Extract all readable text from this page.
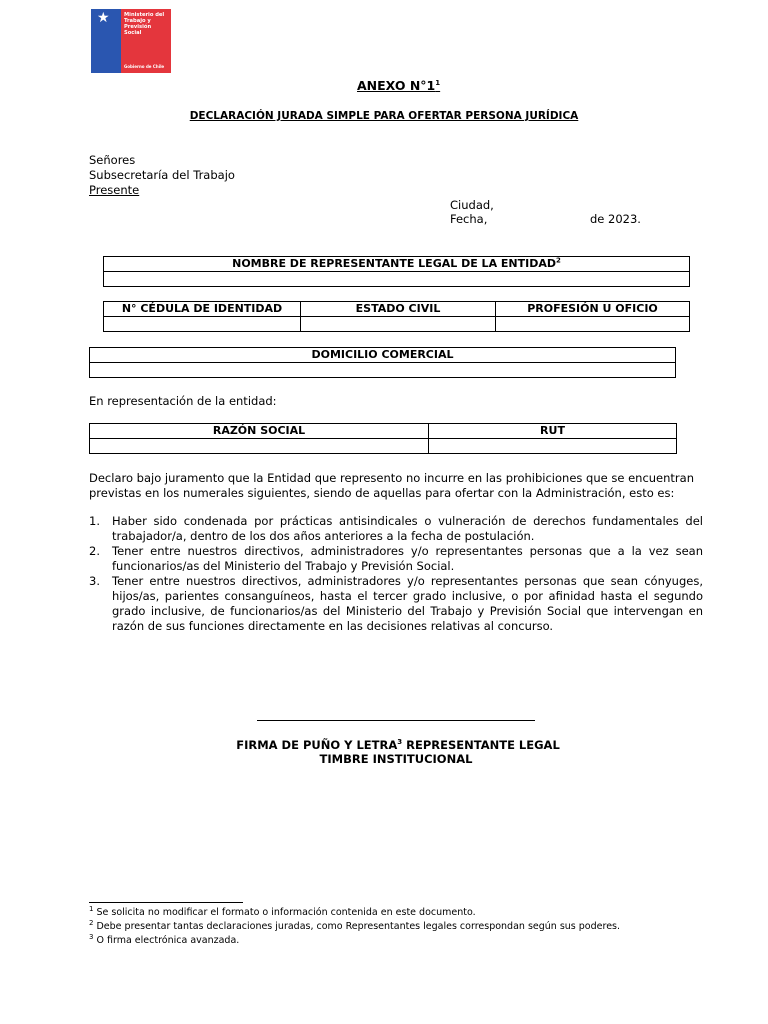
★	Ministerio del Trabajo y Previsión Social
Gobierno de Chile
ANEXO $N^\circ 1^1$
DECLARACIÓN JURADA SIMPLE PARA OFERTAR PERSONA JURÍDICA
Señores
Subsecretaría del Trabajo
Presente
Ciudad,
Fecha,	de 2023.
NOMBRE DE REPRESENTANTE LEGAL DE LA ENTIDAD$^2$

N° CÉDULA DE IDENTIDAD	ESTADO CIVIL	PROFESIÓN U OFICIO

DOMICILIO COMERCIAL

En representación de la entidad:
RAZÓN SOCIAL	RUT

Declaro bajo juramento que la Entidad que represento no incurre en las prohibiciones que se encuentran
previstas en los numerales siguientes, siendo de aquellas para ofertar con la Administración, esto es:
1. Haber sido condenada por prácticas antisindicales o vulneración de derechos fundamentales del trabajador/a, dentro de los dos años anteriores a la fecha de postulación.
2. Tener entre nuestros directivos, administradores y/o representantes personas que a la vez sean funcionarios/as del Ministerio del Trabajo y Previsión Social.
3. Tener entre nuestros directivos, administradores y/o representantes personas que sean cónyuges, hijos/as, parientes consanguíneos, hasta el tercer grado inclusive, o por afinidad hasta el segundo grado inclusive, de funcionarios/as del Ministerio del Trabajo y Previsión Social que intervengan en razón de sus funciones directamente en las decisiones relativas al concurso.
FIRMA DE PUÑO Y LETRA$^3$ REPRESENTANTE LEGAL
TIMBRE INSTITUCIONAL
$^1$ Se solicita no modificar el formato o información contenida en este documento.
$^2$ Debe presentar tantas declaraciones juradas, como Representantes legales correspondan según sus poderes.
$^3$ O firma electrónica avanzada.
